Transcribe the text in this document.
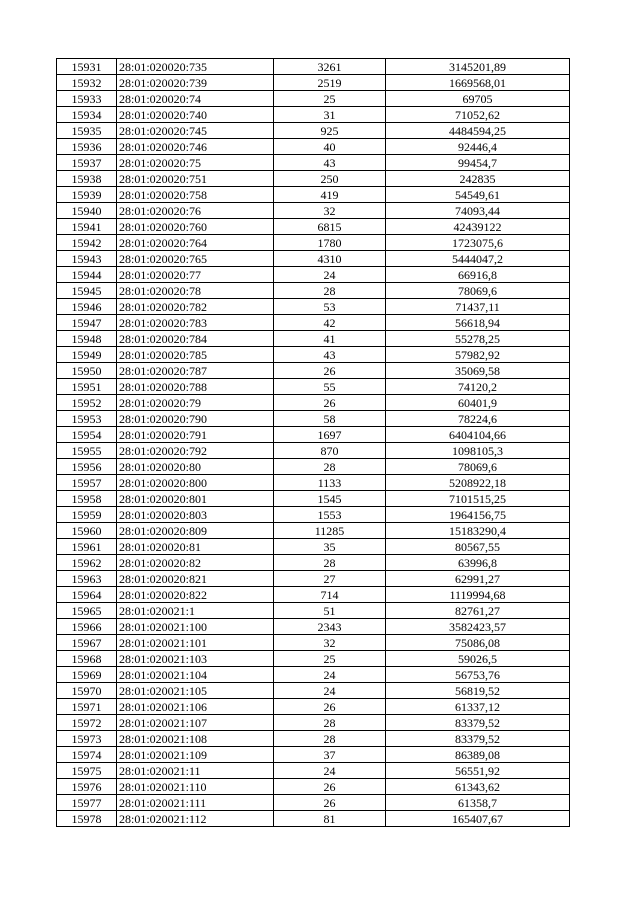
15931	28:01:020020:735	3261	3145201,89
15932	28:01:020020:739	2519	1669568,01
15933	28:01:020020:74	25	69705
15934	28:01:020020:740	31	71052,62
15935	28:01:020020:745	925	4484594,25
15936	28:01:020020:746	40	92446,4
15937	28:01:020020:75	43	99454,7
15938	28:01:020020:751	250	242835
15939	28:01:020020:758	419	54549,61
15940	28:01:020020:76	32	74093,44
15941	28:01:020020:760	6815	42439122
15942	28:01:020020:764	1780	1723075,6
15943	28:01:020020:765	4310	5444047,2
15944	28:01:020020:77	24	66916,8
15945	28:01:020020:78	28	78069,6
15946	28:01:020020:782	53	71437,11
15947	28:01:020020:783	42	56618,94
15948	28:01:020020:784	41	55278,25
15949	28:01:020020:785	43	57982,92
15950	28:01:020020:787	26	35069,58
15951	28:01:020020:788	55	74120,2
15952	28:01:020020:79	26	60401,9
15953	28:01:020020:790	58	78224,6
15954	28:01:020020:791	1697	6404104,66
15955	28:01:020020:792	870	1098105,3
15956	28:01:020020:80	28	78069,6
15957	28:01:020020:800	1133	5208922,18
15958	28:01:020020:801	1545	7101515,25
15959	28:01:020020:803	1553	1964156,75
15960	28:01:020020:809	11285	15183290,4
15961	28:01:020020:81	35	80567,55
15962	28:01:020020:82	28	63996,8
15963	28:01:020020:821	27	62991,27
15964	28:01:020020:822	714	1119994,68
15965	28:01:020021:1	51	82761,27
15966	28:01:020021:100	2343	3582423,57
15967	28:01:020021:101	32	75086,08
15968	28:01:020021:103	25	59026,5
15969	28:01:020021:104	24	56753,76
15970	28:01:020021:105	24	56819,52
15971	28:01:020021:106	26	61337,12
15972	28:01:020021:107	28	83379,52
15973	28:01:020021:108	28	83379,52
15974	28:01:020021:109	37	86389,08
15975	28:01:020021:11	24	56551,92
15976	28:01:020021:110	26	61343,62
15977	28:01:020021:111	26	61358,7
15978	28:01:020021:112	81	165407,67
